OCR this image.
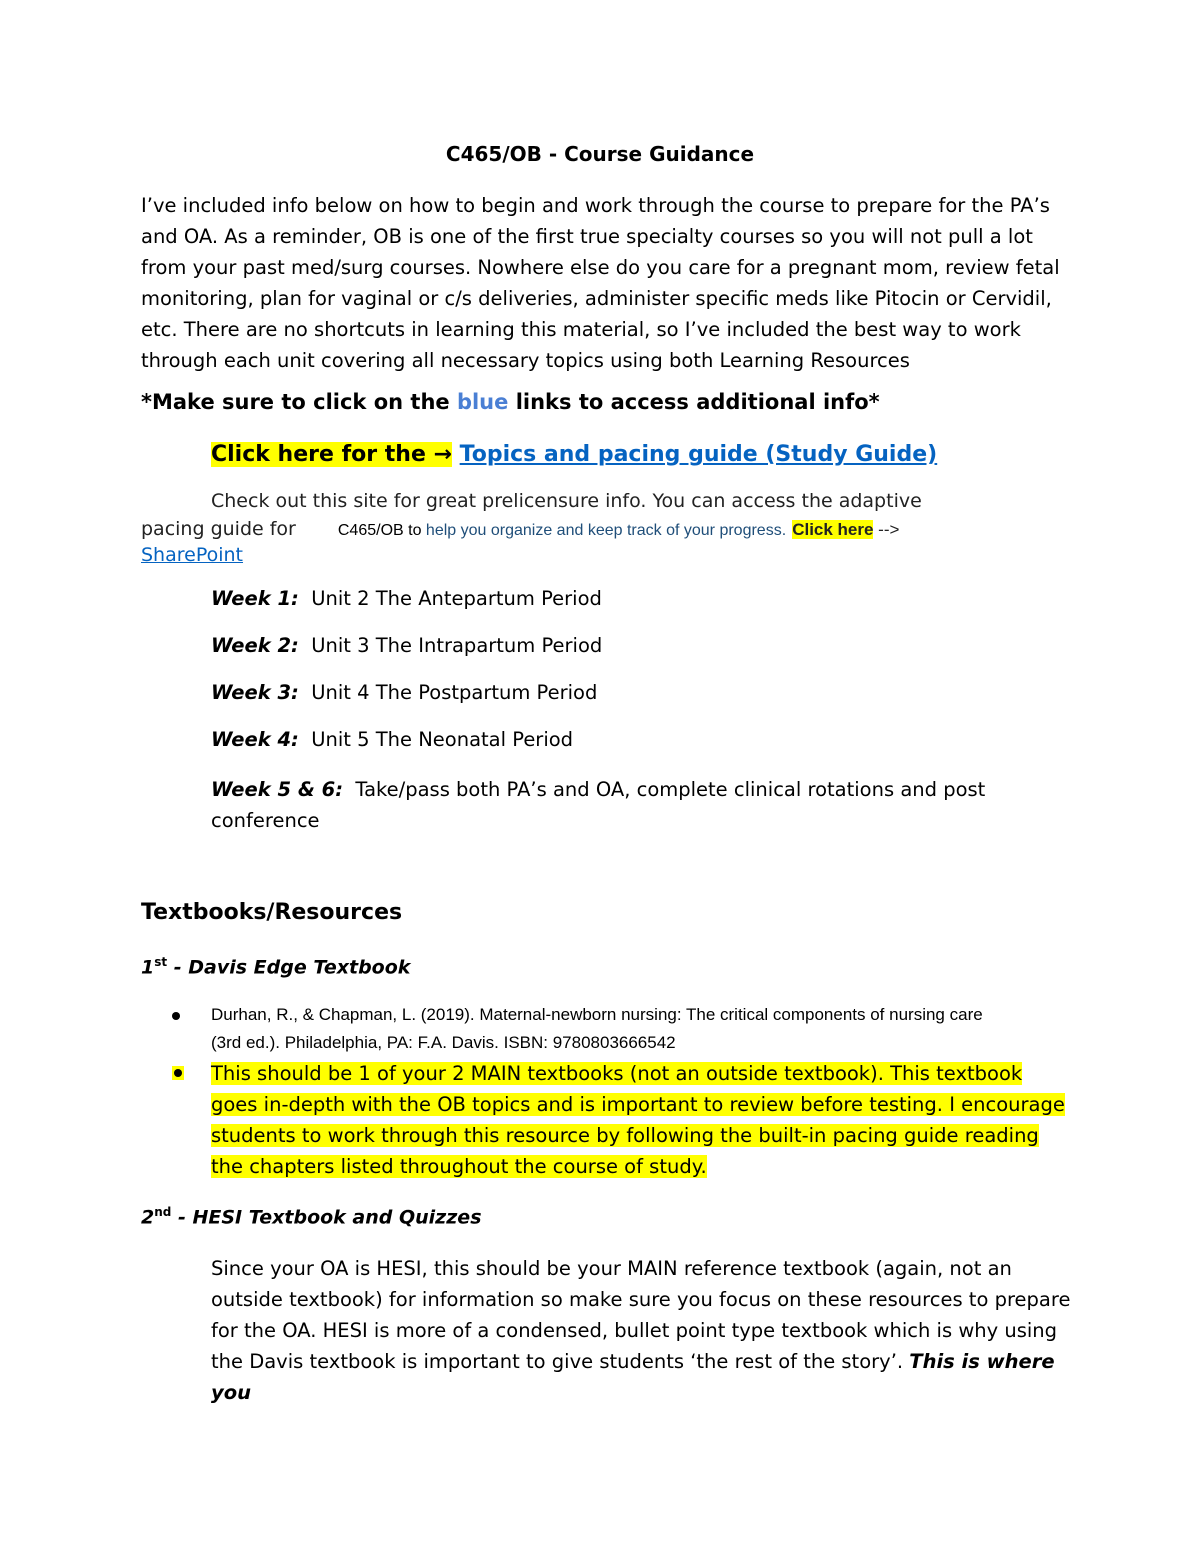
C465/OB - Course Guidance
I’ve included info below on how to begin and work through the course to prepare for the PA’s and OA. As a reminder, OB is one of the first true specialty courses so you will not pull a lot from your past med/surg courses. Nowhere else do you care for a pregnant mom, review fetal monitoring, plan for vaginal or c/s deliveries, administer specific meds like Pitocin or Cervidil, etc. There are no shortcuts in learning this material, so I’ve included the best way to work through each unit covering all necessary topics using both Learning Resources
*Make sure to click on the blue links to access additional info*
Click here for the → Topics and pacing guide (Study Guide)
Check out this site for great prelicensure info. You can access the adaptive
pacing guide for	C465/OB to help you organize and keep track of your progress. Click here -->
SharePoint
Week 1: Unit 2 The Antepartum Period
Week 2: Unit 3 The Intrapartum Period
Week 3: Unit 4 The Postpartum Period
Week 4: Unit 5 The Neonatal Period
Week 5 & 6: Take/pass both PA’s and OA, complete clinical rotations and post conference
Textbooks/Resources
1st - Davis Edge Textbook
Durhan, R., & Chapman, L. (2019). Maternal-newborn nursing: The critical components of nursing care (3rd ed.). Philadelphia, PA: F.A. Davis. ISBN: 9780803666542
This should be 1 of your 2 MAIN textbooks (not an outside textbook). This textbook goes in-depth with the OB topics and is important to review before testing. I encourage students to work through this resource by following the built-in pacing guide reading the chapters listed throughout the course of study.
2nd - HESI Textbook and Quizzes
Since your OA is HESI, this should be your MAIN reference textbook (again, not an outside textbook) for information so make sure you focus on these resources to prepare for the OA. HESI is more of a condensed, bullet point type textbook which is why using the Davis textbook is important to give students ‘the rest of the story’. This is where you
